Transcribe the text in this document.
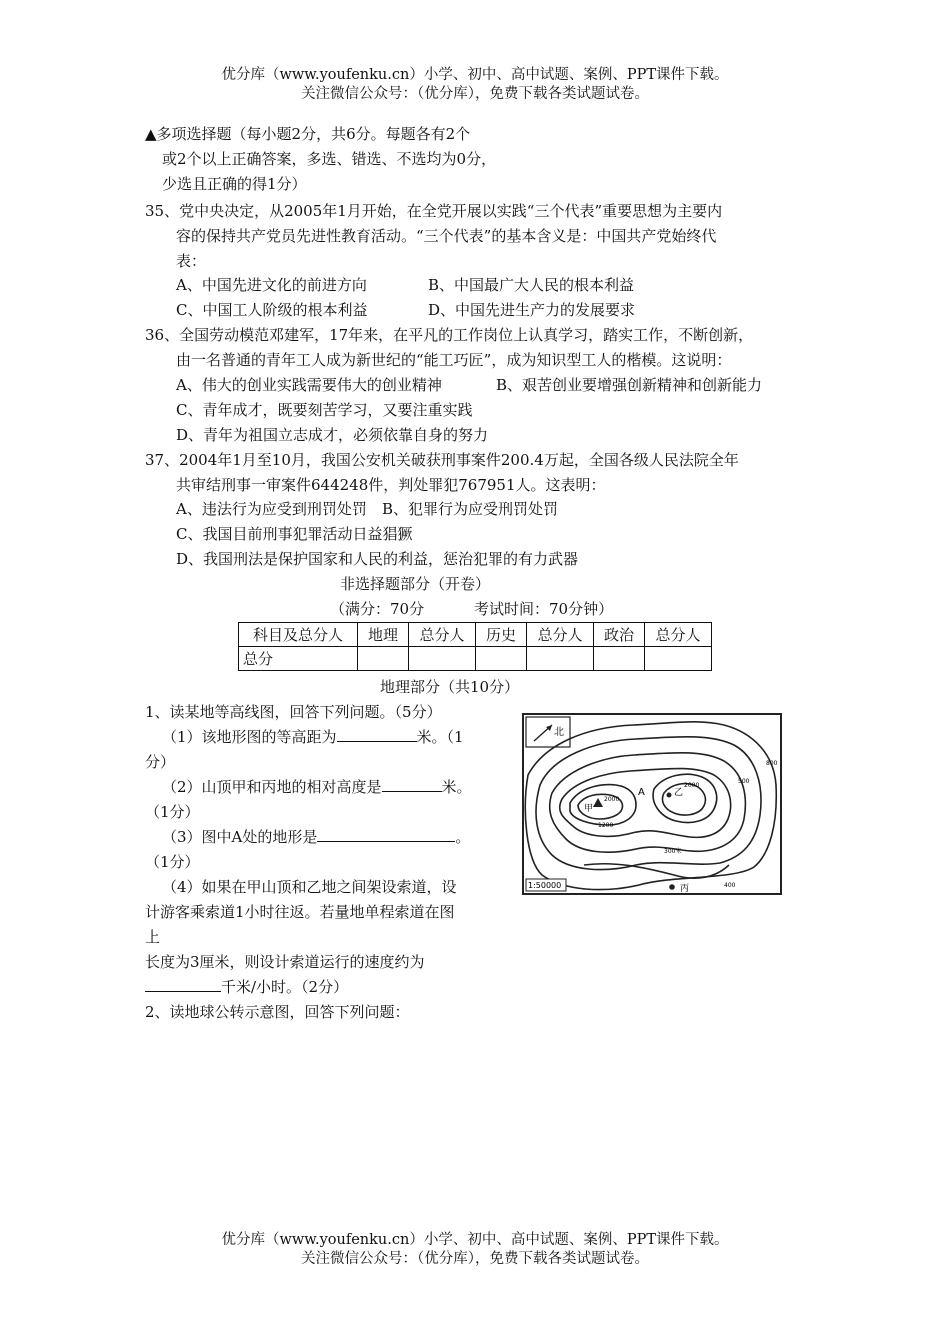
优分库（www.youfenku.cn）小学、初中、高中试题、案例、PPT课件下载。
关注微信公众号：（优分库），免费下载各类试题试卷。
▲多项选择题（每小题2分，共6分。每题各有2个
或2个以上正确答案，多选、错选、不选均为0分，
少选且正确的得1分）
35、党中央决定，从2005年1月开始，在全党开展以实践“三个代表”重要思想为主要内
容的保持共产党员先进性教育活动。“三个代表”的基本含义是：中国共产党始终代
表：
A、中国先进文化的前进方向	B、中国最广大人民的根本利益
C、中国工人阶级的根本利益	D、中国先进生产力的发展要求
36、全国劳动模范邓建军，17年来，在平凡的工作岗位上认真学习，踏实工作，不断创新，
由一名普通的青年工人成为新世纪的“能工巧匠”，成为知识型工人的楷模。这说明：
A、伟大的创业实践需要伟大的创业精神	B、艰苦创业要增强创新精神和创新能力
C、青年成才，既要刻苦学习，又要注重实践
D、青年为祖国立志成才，必须依靠自身的努力
37、2004年1月至10月，我国公安机关破获刑事案件200.4万起，全国各级人民法院全年
共审结刑事一审案件644248件，判处罪犯767951人。这表明：
A、违法行为应受到刑罚处罚 B、犯罪行为应受刑罚处罚
C、我国目前刑事犯罪活动日益猖獗
D、我国刑法是保护国家和人民的利益，惩治犯罪的有力武器
非选择题部分（开卷）
（满分：70分	考试时间：70分钟）
科目及总分人	地理	总分人	历史	总分人	政治	总分人
总分						
地理部分（共10分）
1、读某地等高线图，回答下列问题。（5分）
（1）该地形图的等高距为	米。（1
分）
（2）山顶甲和丙地的相对高度是	米。
（1分）
（3）图中A处的地形是	。
（1分）
（4）如果在甲山顶和乙地之间架设索道，设
计游客乘索道1小时往返。若量地单程索道在图
上
长度为3厘米，则设计索道运行的速度约为
千米/小时。（2分）
2、读地球公转示意图，回答下列问题：
北
1:50000
甲
2000
A	乙
2000
1200
500
800
300米
400
丙
优分库（www.youfenku.cn）小学、初中、高中试题、案例、PPT课件下载。
关注微信公众号：（优分库），免费下载各类试题试卷。
